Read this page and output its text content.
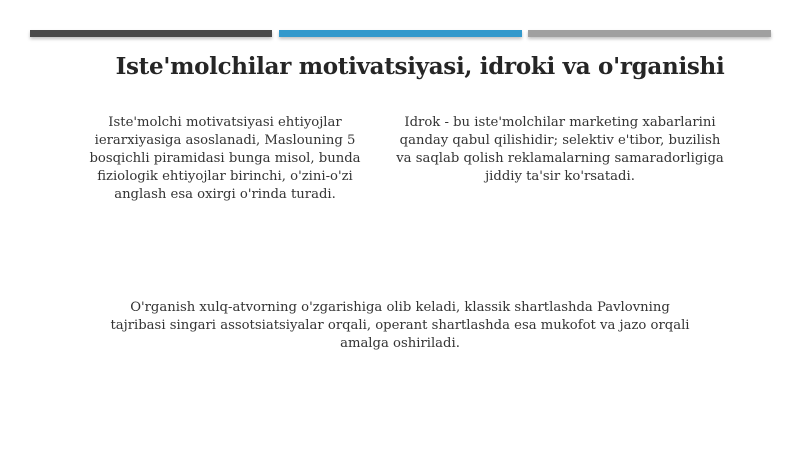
Iste'molchilar motivatsiyasi, idroki va o'rganishi

Iste'molchi motivatsiyasi ehtiyojlar ierarxiyasiga asoslanadi, Maslouning 5 bosqichli piramidasi bunga misol, bunda fiziologik ehtiyojlar birinchi, o'zini-o'zi anglash esa oxirgi o'rinda turadi.

Idrok - bu iste'molchilar marketing xabarlarini qanday qabul qilishidir; selektiv e'tibor, buzilish va saqlab qolish reklamalarning samaradorligiga jiddiy ta'sir ko'rsatadi.

O'rganish xulq-atvorning o'zgarishiga olib keladi, klassik shartlashda Pavlovning tajribasi singari assotsiatsiyalar orqali, operant shartlashda esa mukofot va jazo orqali amalga oshiriladi.
